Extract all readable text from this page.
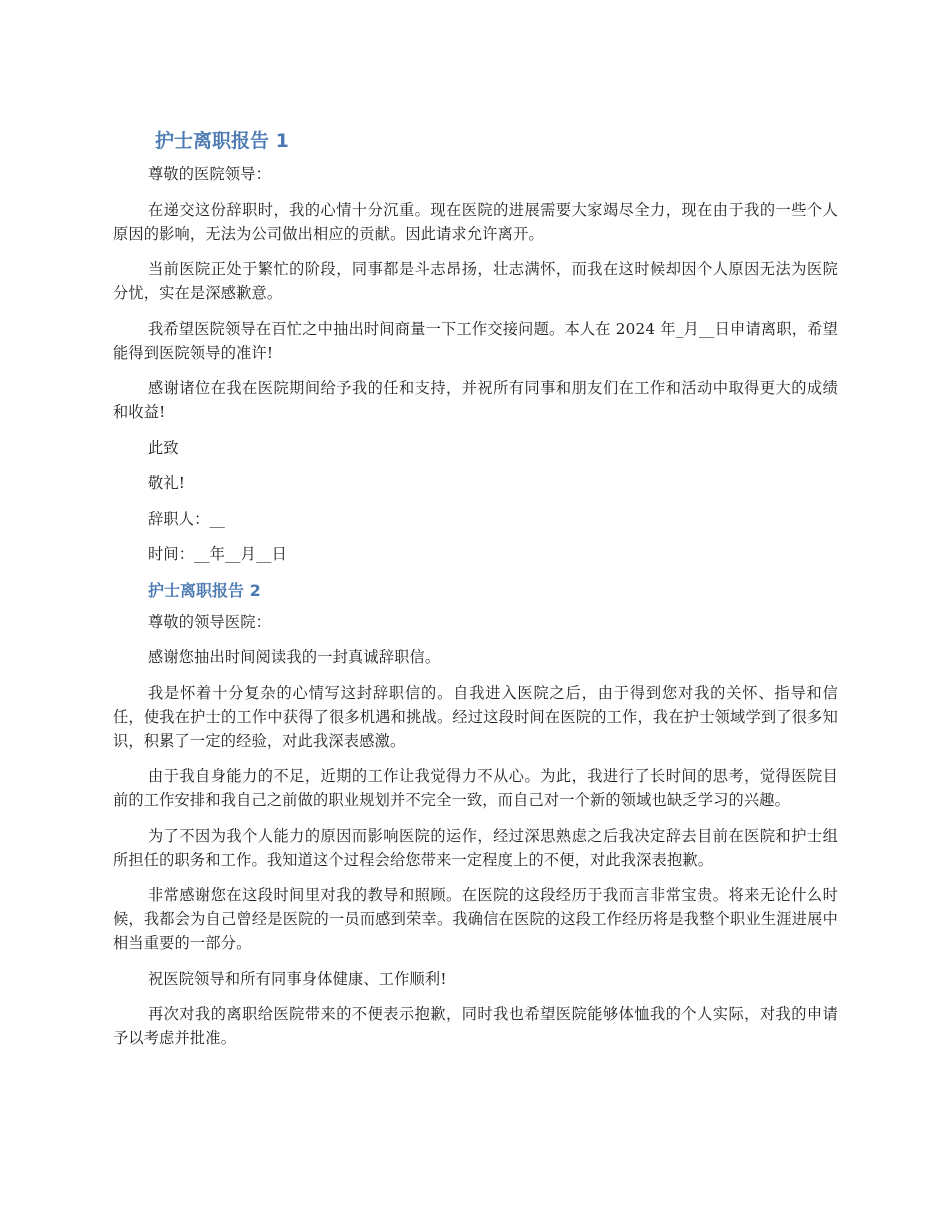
护士离职报告 1

尊敬的医院领导：

在递交这份辞职时，我的心情十分沉重。现在医院的进展需要大家竭尽全力，现在由于我的一些个人原因的影响，无法为公司做出相应的贡献。因此请求允许离开。

当前医院正处于繁忙的阶段，同事都是斗志昂扬，壮志满怀，而我在这时候却因个人原因无法为医院分忧，实在是深感歉意。

我希望医院领导在百忙之中抽出时间商量一下工作交接问题。本人在 2024 年_月__日申请离职，希望能得到医院领导的准许!

感谢诸位在我在医院期间给予我的任和支持，并祝所有同事和朋友们在工作和活动中取得更大的成绩和收益!

此致

敬礼!

辞职人：__

时间：__年__月__日

护士离职报告 2

尊敬的领导医院：

感谢您抽出时间阅读我的一封真诚辞职信。

我是怀着十分复杂的心情写这封辞职信的。自我进入医院之后，由于得到您对我的关怀、指导和信任，使我在护士的工作中获得了很多机遇和挑战。经过这段时间在医院的工作，我在护士领域学到了很多知识，积累了一定的经验，对此我深表感激。

由于我自身能力的不足，近期的工作让我觉得力不从心。为此，我进行了长时间的思考，觉得医院目前的工作安排和我自己之前做的职业规划并不完全一致，而自己对一个新的领域也缺乏学习的兴趣。

为了不因为我个人能力的原因而影响医院的运作，经过深思熟虑之后我决定辞去目前在医院和护士组所担任的职务和工作。我知道这个过程会给您带来一定程度上的不便，对此我深表抱歉。

非常感谢您在这段时间里对我的教导和照顾。在医院的这段经历于我而言非常宝贵。将来无论什么时候，我都会为自己曾经是医院的一员而感到荣幸。我确信在医院的这段工作经历将是我整个职业生涯进展中相当重要的一部分。

祝医院领导和所有同事身体健康、工作顺利!

再次对我的离职给医院带来的不便表示抱歉，同时我也希望医院能够体恤我的个人实际，对我的申请予以考虑并批准。
